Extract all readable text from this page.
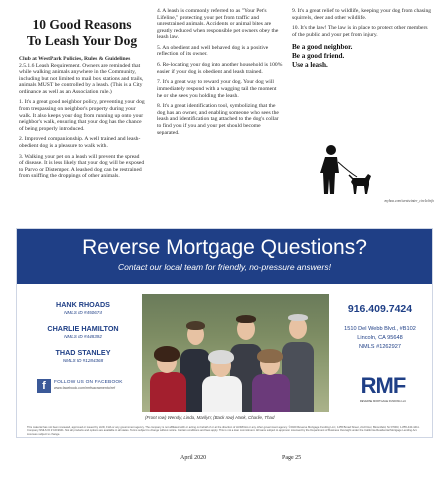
10 Good Reasons
To Leash Your Dog

Club at WestPark Policies, Rules & Guidelines 2.5.1.6 Leash Requirement. Owners are reminded that while walking animals anywhere in the Community, including but not limited to mail box stations and trails, animals MUST be controlled by a leash. (This is a City ordinance as well as an Association rule.)

1. It's a great good neighbor policy, preventing your dog from trespassing on neighbor's property during your walk. It also keeps your dog from running up onto your neighbor's walk, ensuring that your dog has the chance of being properly introduced.

2. Improved companionship. A well trained and leash-obedient dog is a pleasure to walk with.

3. Walking your pet on a leash will prevent the spread of disease. It is less likely that your dog will be exposed to Parvo or Distemper. A leashed dog can be restrained from sniffing the droppings of other animals.

4. A leash is commonly referred to as "Your Pet's Lifeline," protecting your pet from traffic and unrestrained animals. Accidents or animal bites are greatly reduced when responsible pet owners obey the leash law.

5. An obedient and well behaved dog is a positive reflection of its owner.

6. Re-locating your dog into another household is 100% easier if your dog is obedient and leash trained.

7. It's a great way to reward your dog. Your dog will immediately respond with a wagging tail the moment he or she sees you holding the leash.

8. It's a great identification tool, symbolizing that the dog has an owner, and enabling someone who sees the leash and identification tag attached to the dog's collar to find you if you and your pet should become separated.

9. It's a great relief to wildlife, keeping your dog from chasing squirrels, deer and other wildlife.

10. It's the law! The law is in place to protect other members of the public and your pet from injury.

Be a good neighbor.
Be a good friend.
Use a leash.
myhoa.com/westwinter_circle/info
Reverse Mortgage Questions?
Contact our local team for friendly, no-pressure answers!
HANK RHOADS
NMLS ID #450674
CHARLIE HAMILTON
NMLS ID #448392
THAD STANLEY
NMLS ID #1284368
f	FOLLOW US ON FACEBOOK
www.facebook.com/rmfsacramento/ref
(Front row) Wendy, Linda, Marilyn; (Back row) Hank, Charlie, Thad
916.409.7424
1510 Del Webb Blvd., #B102
Lincoln, CA 95648
NMLS #1262927
RMF
REVERSE MORTGAGE FUNDING LLC
This material has not been reviewed, approved or issued by HUD, FHA or any government agency. The company is not affiliated with or acting on behalf of or at the direction of HUD/FHA or any other government agency. ©2020 Reverse Mortgage Funding LLC, 1455 Broad Street, 2nd Floor, Bloomfield, NJ 07003, 1-855-440-4411. Company NMLS ID # 1019941. Not all products and options are available in all states. Terms subject to change without notice. Certain conditions and fees apply. This is not a loan commitment. All loans subject to approval. Licensed by the Department of Business Oversight under the California Residential Mortgage Lending Act. Licenses subject to change.
April 2020	Page 25
